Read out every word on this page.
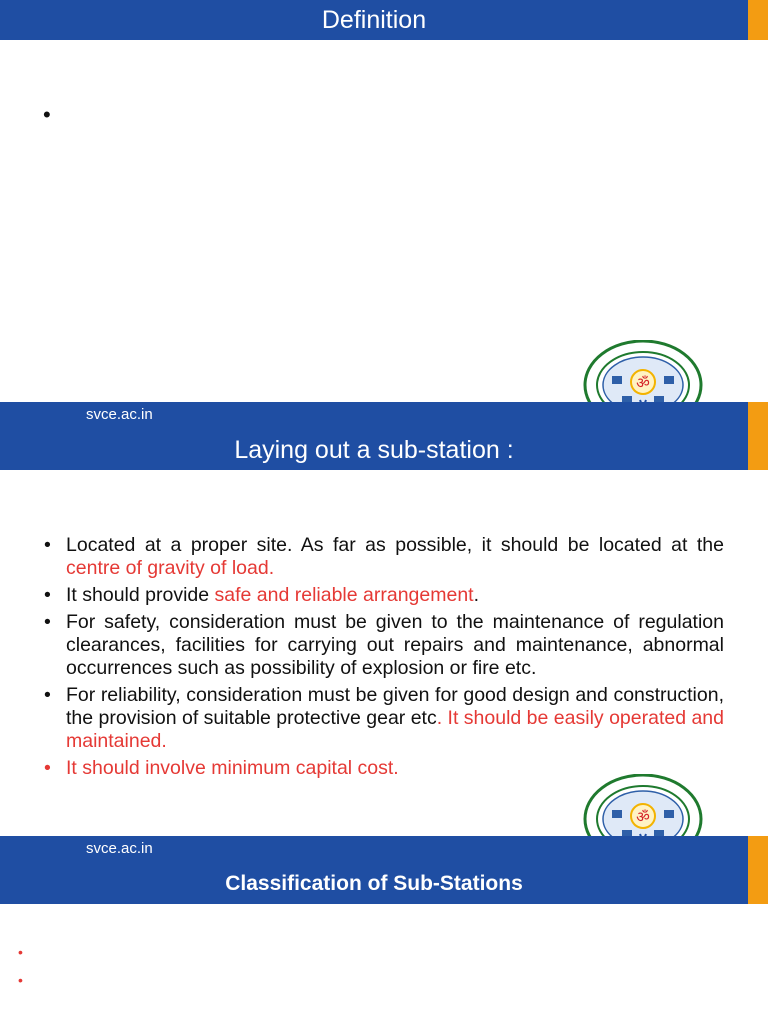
Definition
•
ॐ
svce.ac.in
Laying out a sub-station :
• Located at a proper site. As far as possible, it should be located at the centre of gravity of load.
• It should provide safe and reliable arrangement.
• For safety, consideration must be given to the maintenance of regulation clearances, facilities for carrying out repairs and maintenance, abnormal occurrences such as possibility of explosion or fire etc.
• For reliability, consideration must be given for good design and construction, the provision of suitable protective gear etc. It should be easily operated and maintained.
• It should involve minimum capital cost.
ॐ
svce.ac.in
Classification of Sub-Stations
•
•
